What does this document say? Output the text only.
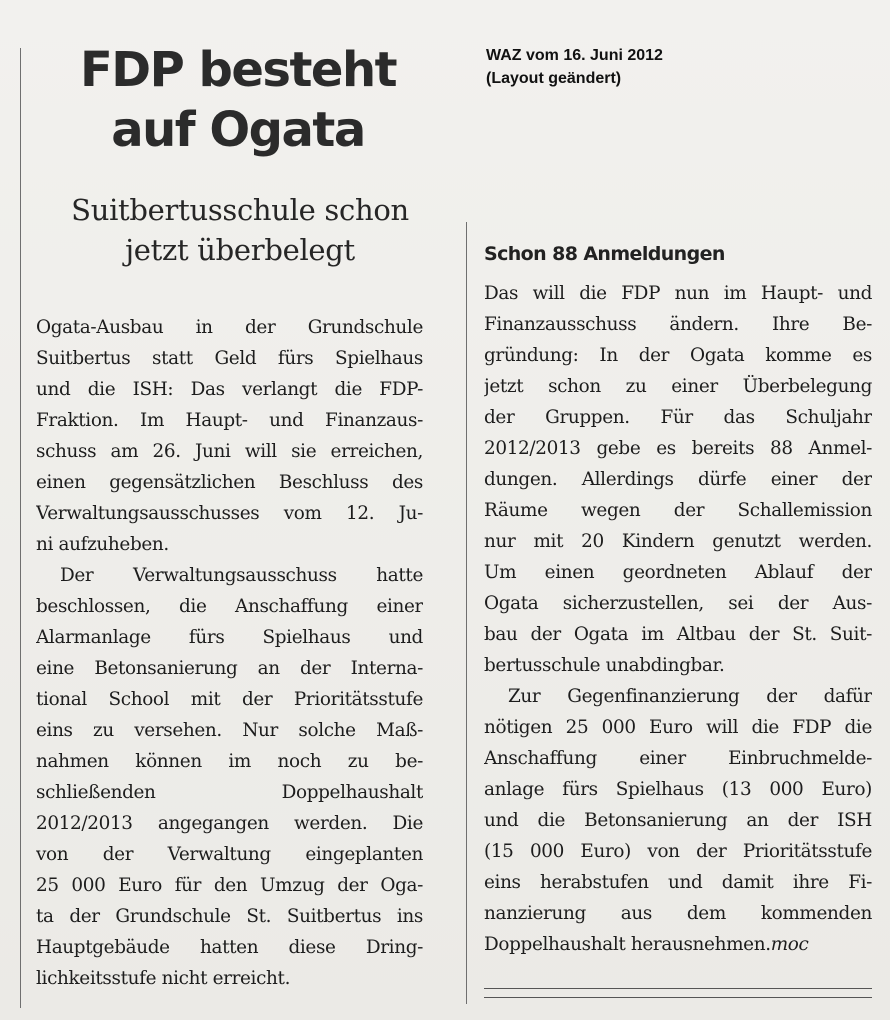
FDP besteht
auf Ogata
WAZ vom 16. Juni 2012
(Layout geändert)
Suitbertusschule schon
jetzt überbelegt
Ogata-Ausbau in der Grundschule
Suitbertus statt Geld fürs Spielhaus
und die ISH: Das verlangt die FDP-
Fraktion. Im Haupt- und Finanzaus-
schuss am 26. Juni will sie erreichen,
einen gegensätzlichen Beschluss des
Verwaltungsausschusses vom 12. Ju-
ni aufzuheben.
Der Verwaltungsausschuss hatte
beschlossen, die Anschaffung einer
Alarmanlage fürs Spielhaus und
eine Betonsanierung an der Interna-
tional School mit der Prioritätsstufe
eins zu versehen. Nur solche Maß-
nahmen können im noch zu be-
schließenden Doppelhaushalt
2012/2013 angegangen werden. Die
von der Verwaltung eingeplanten
25 000 Euro für den Umzug der Oga-
ta der Grundschule St. Suitbertus ins
Hauptgebäude hatten diese Dring-
lichkeitsstufe nicht erreicht.
Schon 88 Anmeldungen
Das will die FDP nun im Haupt- und
Finanzausschuss ändern. Ihre Be-
gründung: In der Ogata komme es
jetzt schon zu einer Überbelegung
der Gruppen. Für das Schuljahr
2012/2013 gebe es bereits 88 Anmel-
dungen. Allerdings dürfe einer der
Räume wegen der Schallemission
nur mit 20 Kindern genutzt werden.
Um einen geordneten Ablauf der
Ogata sicherzustellen, sei der Aus-
bau der Ogata im Altbau der St. Suit-
bertusschule unabdingbar.
Zur Gegenfinanzierung der dafür
nötigen 25 000 Euro will die FDP die
Anschaffung einer Einbruchmelde-
anlage fürs Spielhaus (13 000 Euro)
und die Betonsanierung an der ISH
(15 000 Euro) von der Prioritätsstufe
eins herabstufen und damit ihre Fi-
nanzierung aus dem kommenden
Doppelhaushalt herausnehmen.moc
